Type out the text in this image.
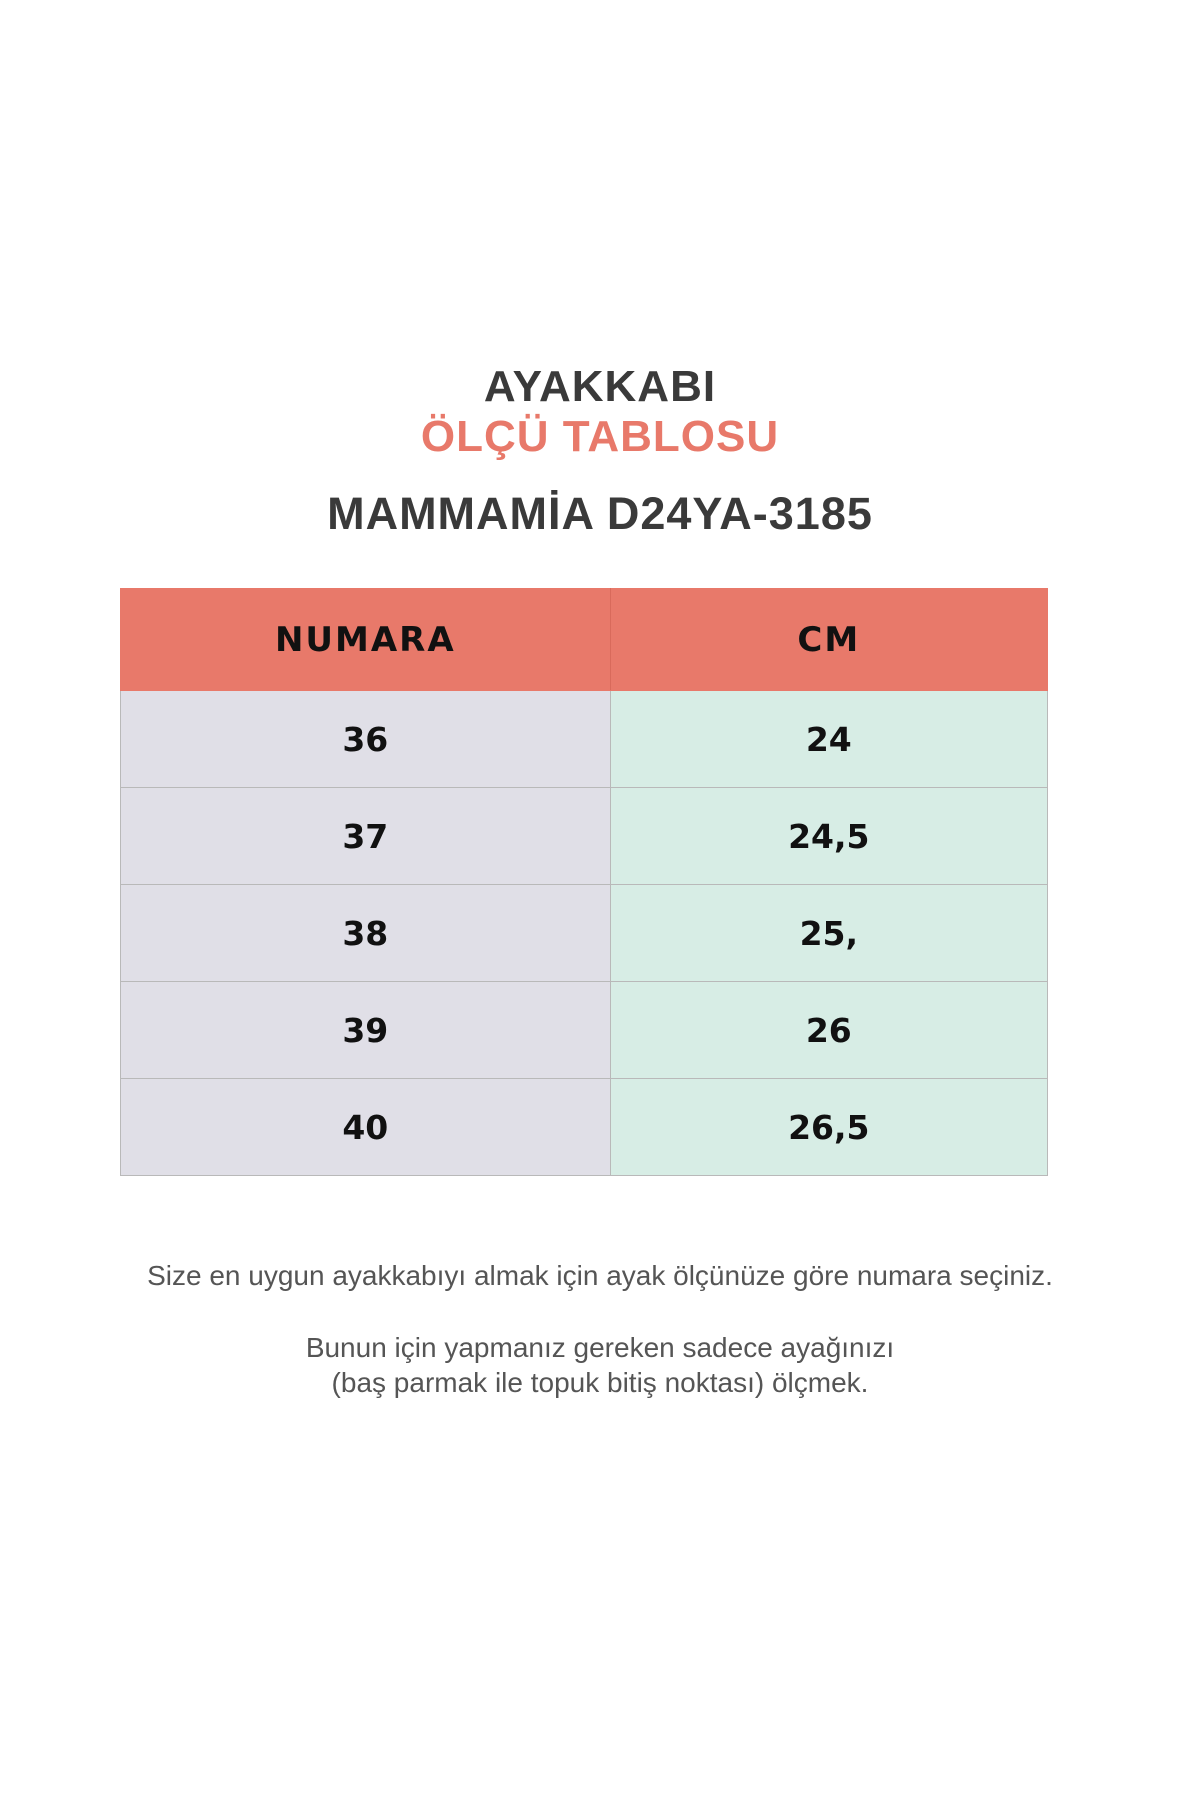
AYAKKABI
ÖLÇÜ TABLOSU
MAMMAMİA D24YA-3185
NUMARA	CM
36	24
37	24,5
38	25,
39	26
40	26,5
Size en uygun ayakkabıyı almak için ayak ölçünüze göre numara seçiniz.
Bunun için yapmanız gereken sadece ayağınızı
(baş parmak ile topuk bitiş noktası) ölçmek.
